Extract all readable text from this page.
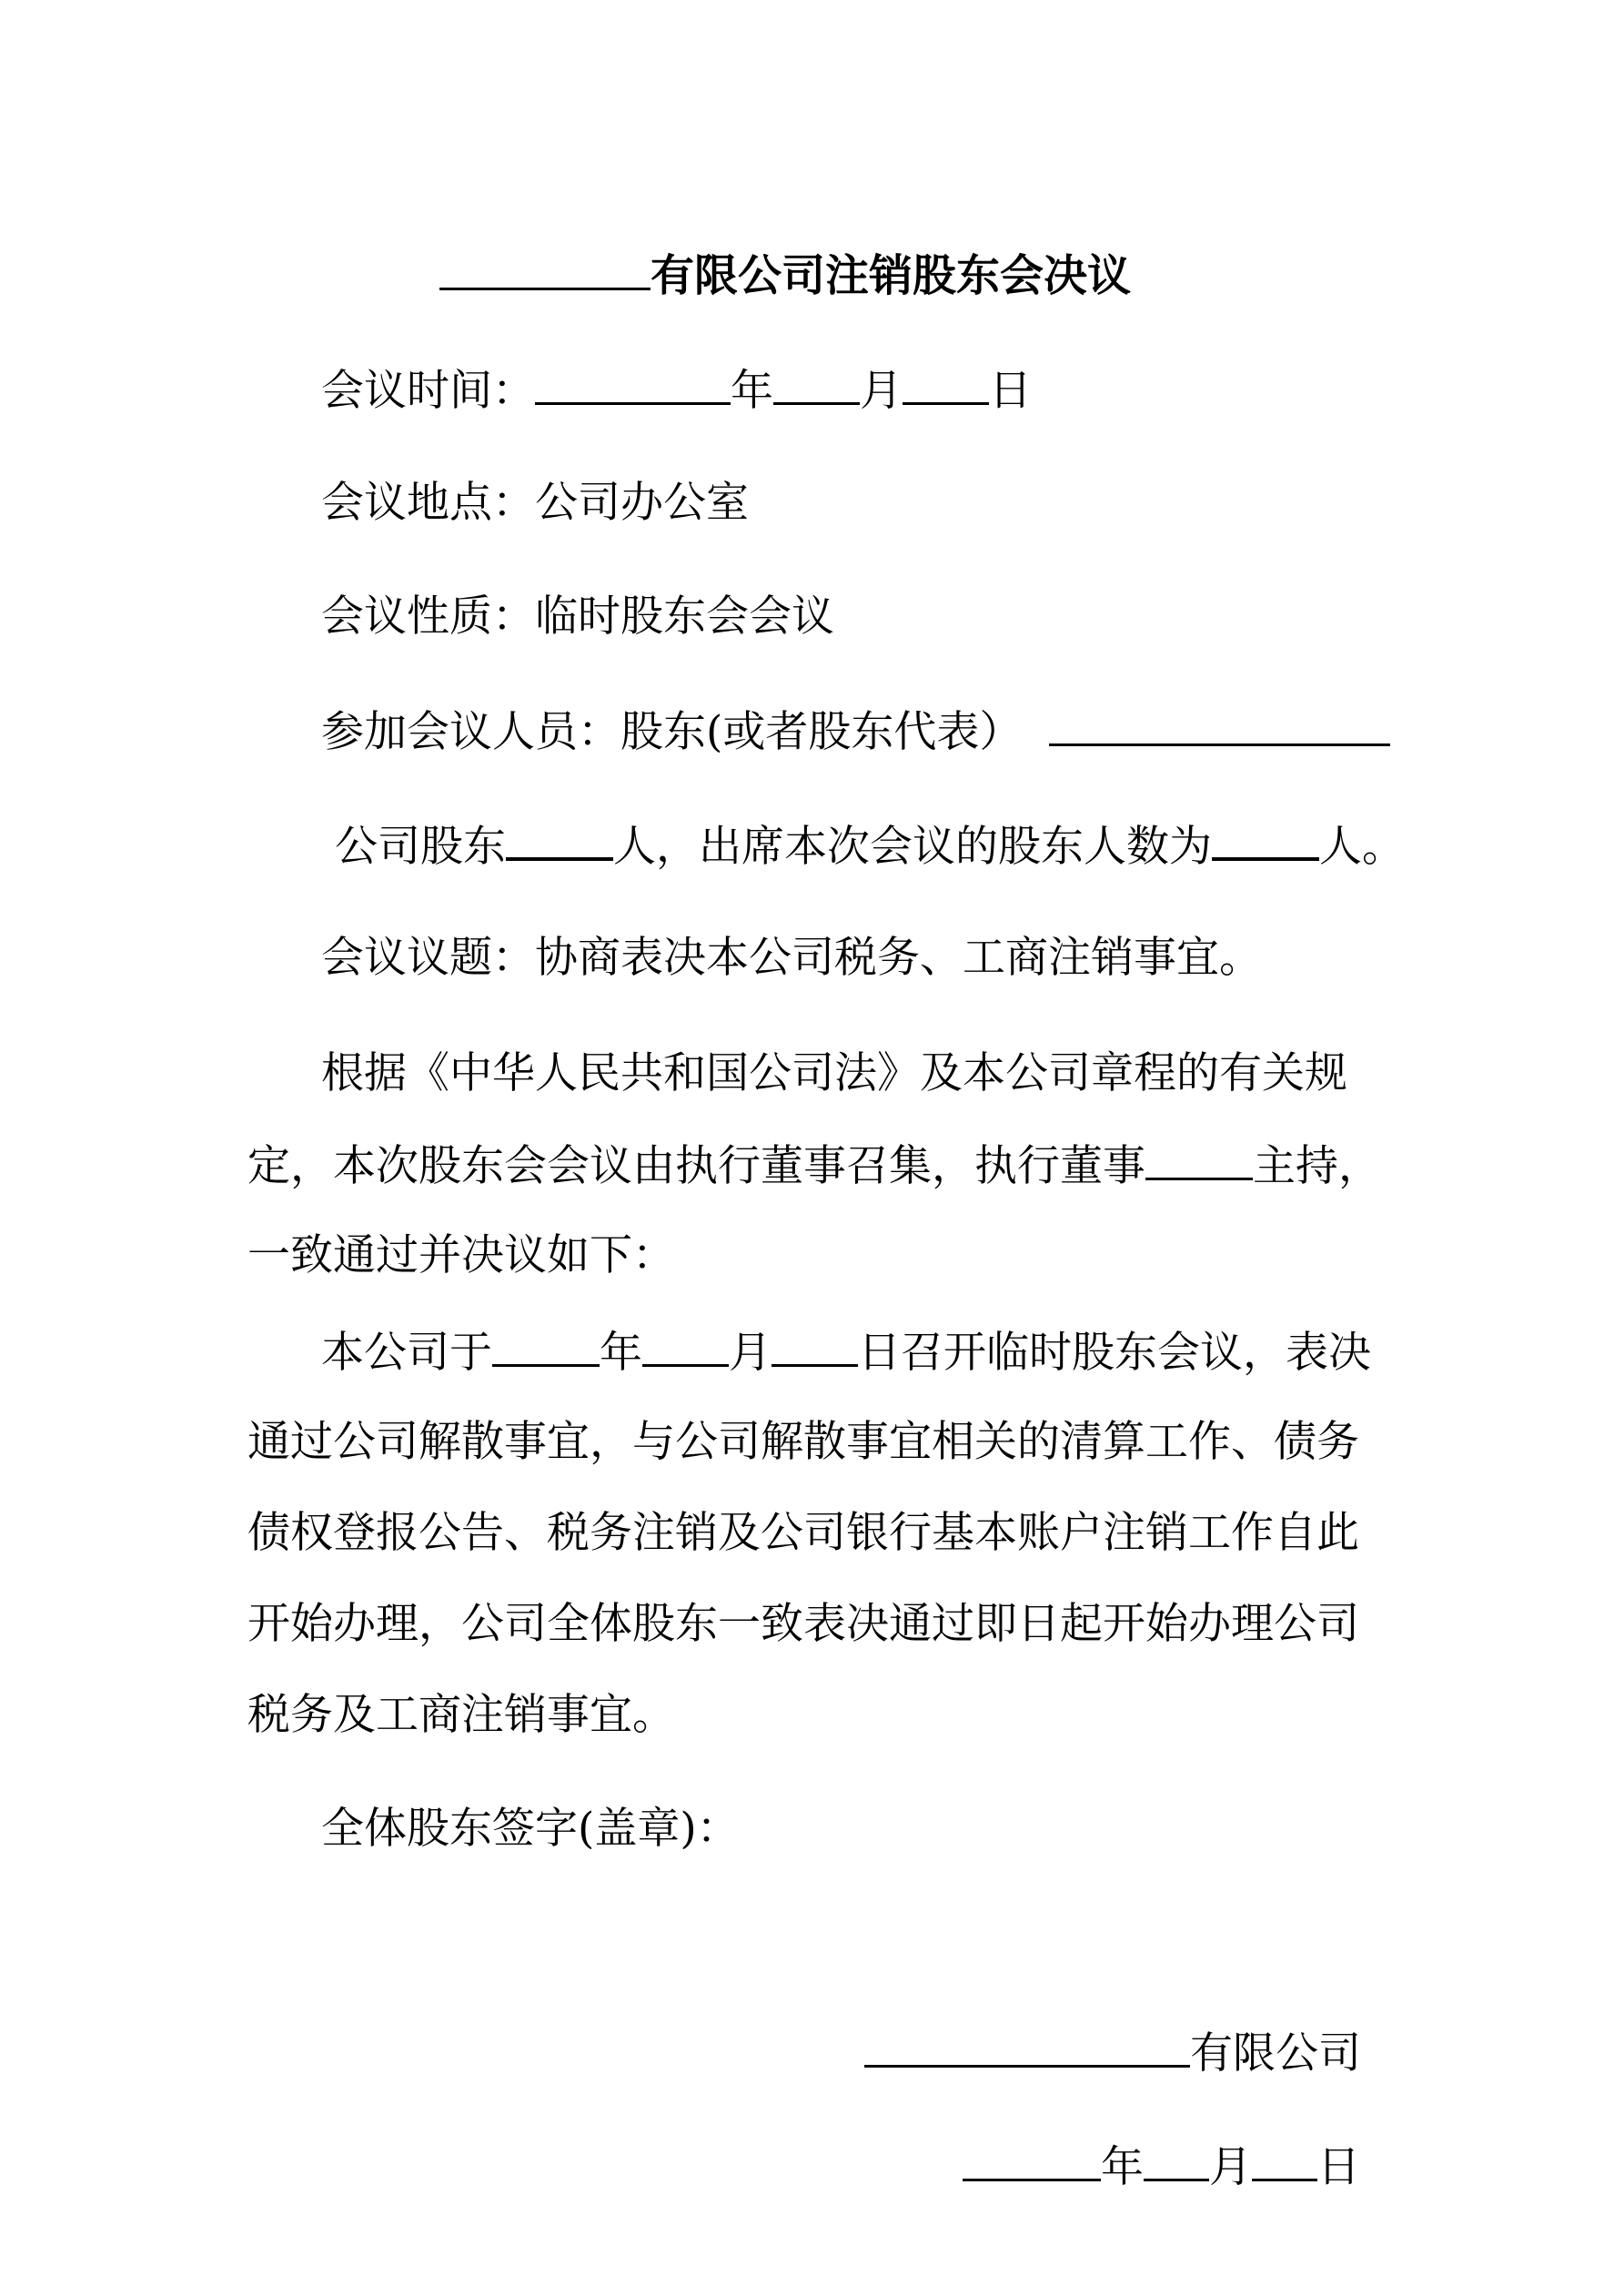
有限公司注销股东会决议
会议时间：	年 月 日
会议地点：公司办公室
会议性质：临时股东会会议
参加会议人员：股东(或者股东代表）
公司股东	人，出席本次会议的股东人数为	人。
会议议题：协商表决本公司税务、工商注销事宜。
根据《中华人民共和国公司法》及本公司章程的有关规
定，本次股东会会议由执行董事召集，执行董事	主持，
一致通过并决议如下：
本公司于	年 月 日召开临时股东会议，表决
通过公司解散事宜，与公司解散事宜相关的清算工作、债务
债权登报公告、税务注销及公司银行基本账户注销工作自此
开始办理，公司全体股东一致表决通过即日起开始办理公司
税务及工商注销事宜。
全体股东签字(盖章)：
有限公司
年 月 日
